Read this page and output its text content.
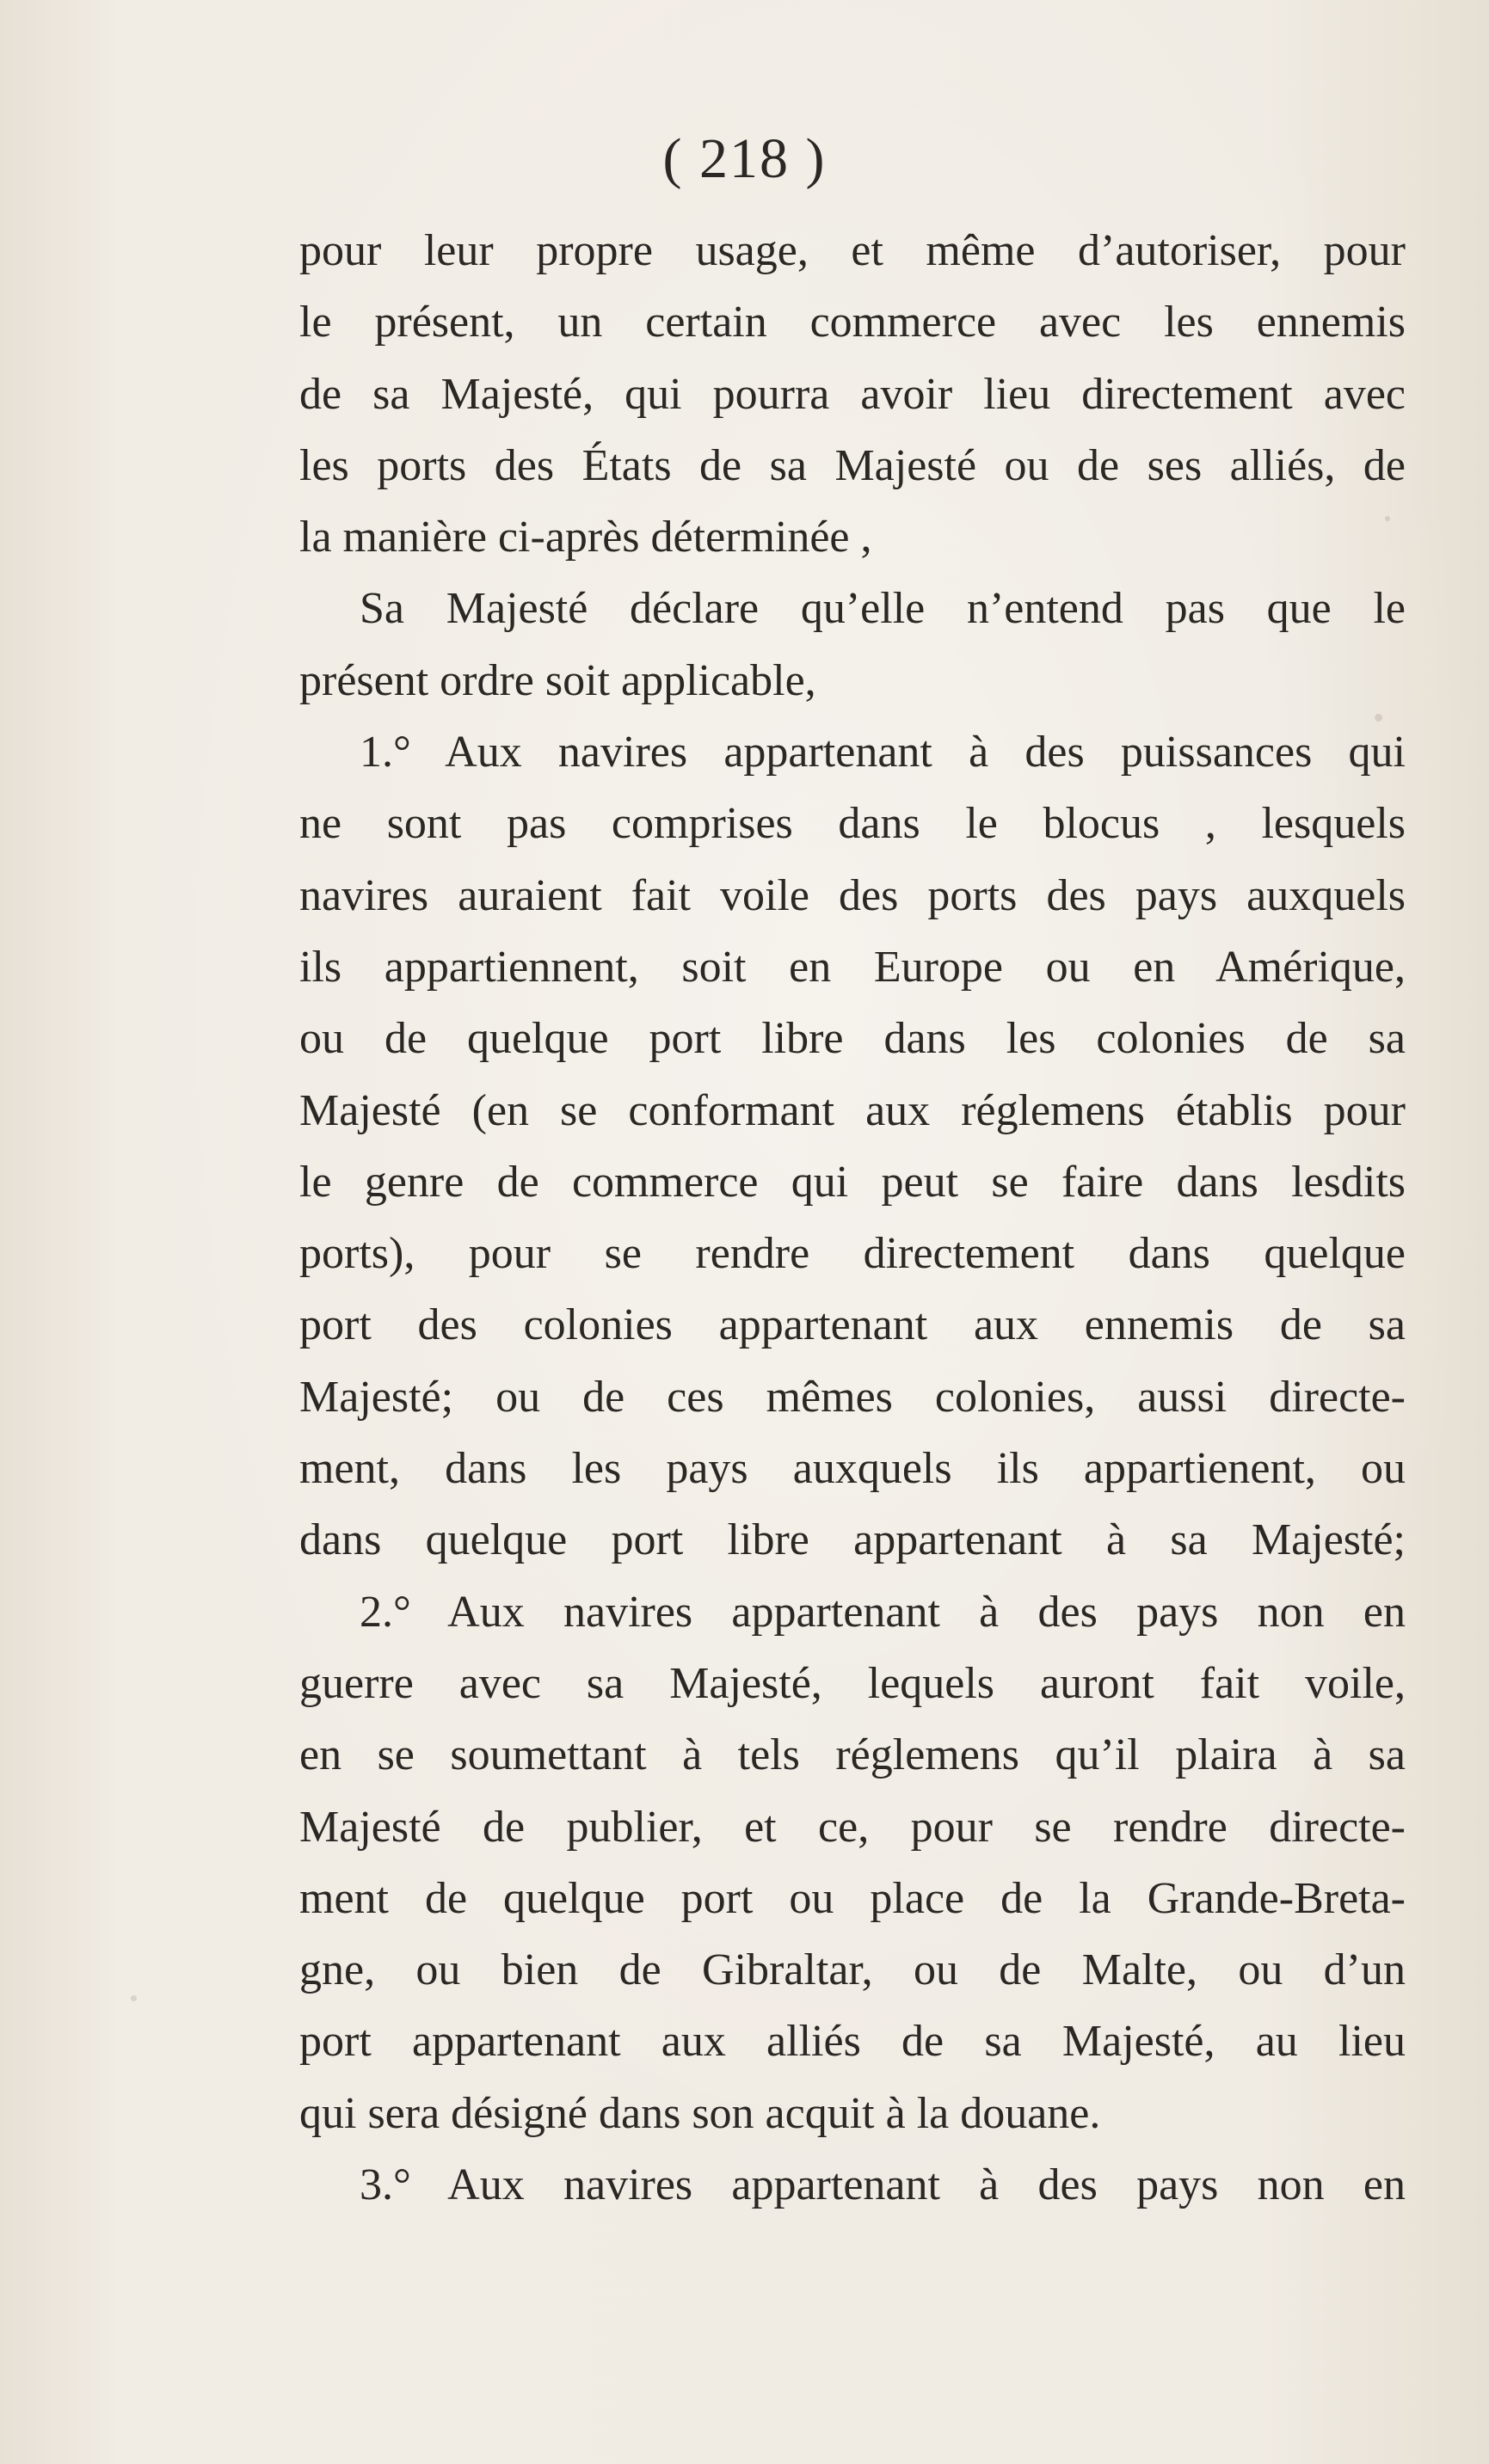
( 218 )
pour leur propre usage, et même d’autoriser, pour
le présent, un certain commerce avec les ennemis
de sa Majesté, qui pourra avoir lieu directement avec
les ports des États de sa Majesté ou de ses alliés, de
la manière ci-après déterminée ,
Sa Majesté déclare qu’elle n’entend pas que le
présent ordre soit applicable,
1.° Aux navires appartenant à des puissances qui
ne sont pas comprises dans le blocus , lesquels
navires auraient fait voile des ports des pays auxquels
ils appartiennent, soit en Europe ou en Amérique,
ou de quelque port libre dans les colonies de sa
Majesté (en se conformant aux réglemens établis pour
le genre de commerce qui peut se faire dans lesdits
ports), pour se rendre directement dans quelque
port des colonies appartenant aux ennemis de sa
Majesté; ou de ces mêmes colonies, aussi directe-
ment, dans les pays auxquels ils appartienent, ou
dans quelque port libre appartenant à sa Majesté;
2.° Aux navires appartenant à des pays non en
guerre avec sa Majesté, lequels auront fait voile,
en se soumettant à tels réglemens qu’il plaira à sa
Majesté de publier, et ce, pour se rendre directe-
ment de quelque port ou place de la Grande-Breta-
gne, ou bien de Gibraltar, ou de Malte, ou d’un
port appartenant aux alliés de sa Majesté, au lieu
qui sera désigné dans son acquit à la douane.
3.° Aux navires appartenant à des pays non en
